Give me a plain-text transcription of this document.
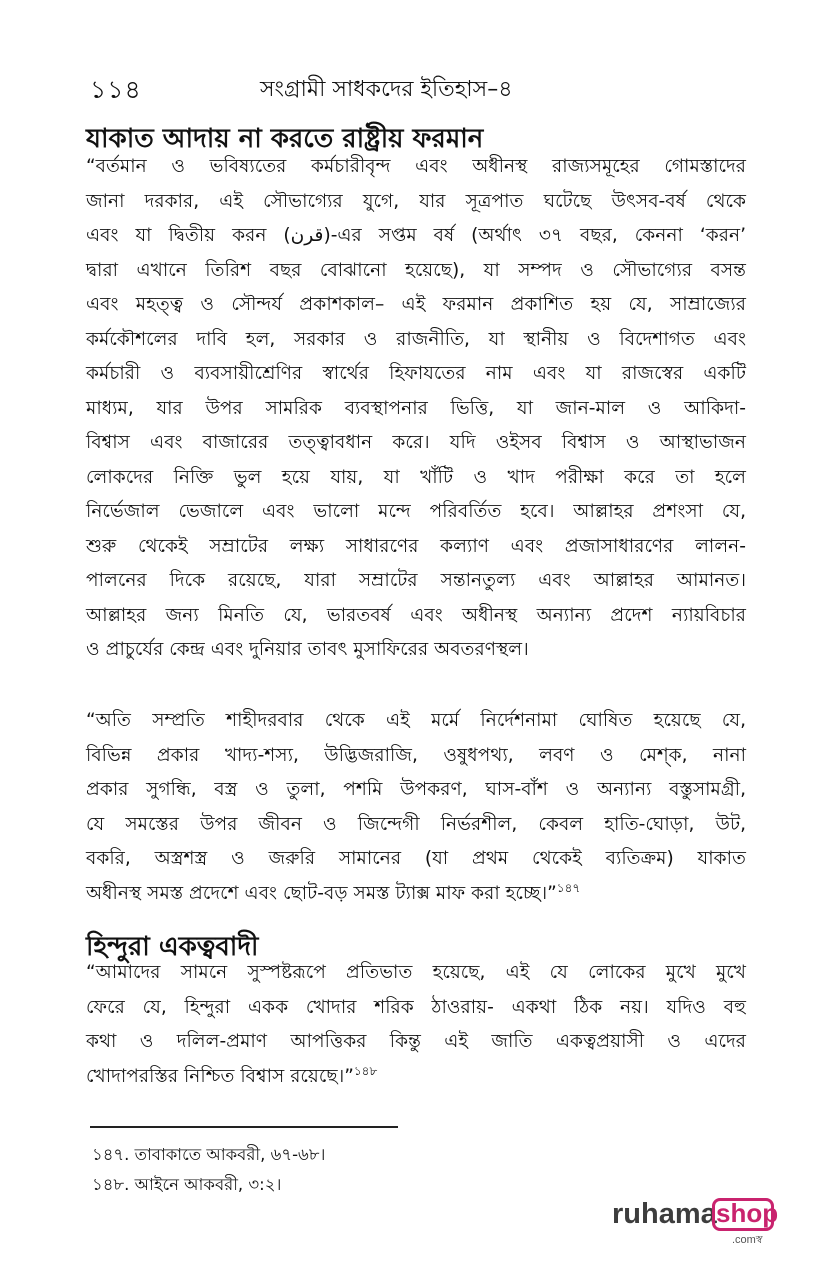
১১৪	সংগ্রামী সাধকদের ইতিহাস–৪
যাকাত আদায় না করতে রাষ্ট্রীয় ফরমান
“বর্তমান ও ভবিষ্যতের কর্মচারীবৃন্দ এবং অধীনস্থ রাজ্যসমূহের গোমস্তাদের
জানা দরকার, এই সৌভাগ্যের যুগে, যার সূত্রপাত ঘটেছে উৎসব-বর্ষ থেকে
এবং যা দ্বিতীয় করন (قرن)-এর সপ্তম বর্ষ (অর্থাৎ ৩৭ বছর, কেননা ‘করন’
দ্বারা এখানে তিরিশ বছর বোঝানো হয়েছে), যা সম্পদ ও সৌভাগ্যের বসন্ত
এবং মহত্ত্ব ও সৌন্দর্য প্রকাশকাল– এই ফরমান প্রকাশিত হয় যে, সাম্রাজ্যের
কর্মকৌশলের দাবি হল, সরকার ও রাজনীতি, যা স্থানীয় ও বিদেশাগত এবং
কর্মচারী ও ব্যবসায়ীশ্রেণির স্বার্থের হিফাযতের নাম এবং যা রাজস্বের একটি
মাধ্যম, যার উপর সামরিক ব্যবস্থাপনার ভিত্তি, যা জান-মাল ও আকিদা-
বিশ্বাস এবং বাজারের তত্ত্বাবধান করে। যদি ওইসব বিশ্বাস ও আস্থাভাজন
লোকদের নিক্তি ভুল হয়ে যায়, যা খাঁটি ও খাদ পরীক্ষা করে তা হলে
নির্ভেজাল ভেজালে এবং ভালো মন্দে পরিবর্তিত হবে। আল্লাহর প্রশংসা যে,
শুরু থেকেই সম্রাটের লক্ষ্য সাধারণের কল্যাণ এবং প্রজাসাধারণের লালন-
পালনের দিকে রয়েছে, যারা সম্রাটের সন্তানতুল্য এবং আল্লাহর আমানত।
আল্লাহর জন্য মিনতি যে, ভারতবর্ষ এবং অধীনস্থ অন্যান্য প্রদেশ ন্যায়বিচার
ও প্রাচুর্যের কেন্দ্র এবং দুনিয়ার তাবৎ মুসাফিরের অবতরণস্থল।
“অতি সম্প্রতি শাহীদরবার থেকে এই মর্মে নির্দেশনামা ঘোষিত হয়েছে যে,
বিভিন্ন প্রকার খাদ্য-শস্য, উদ্ভিজরাজি, ওষুধপথ্য, লবণ ও মেশ্ক, নানা
প্রকার সুগন্ধি, বস্ত্র ও তুলা, পশমি উপকরণ, ঘাস-বাঁশ ও অন্যান্য বস্তুসামগ্রী,
যে সমস্তের উপর জীবন ও জিন্দেগী নির্ভরশীল, কেবল হাতি-ঘোড়া, উট,
বকরি, অস্ত্রশস্ত্র ও জরুরি সামানের (যা প্রথম থেকেই ব্যতিক্রম) যাকাত
অধীনস্থ সমস্ত প্রদেশে এবং ছোট-বড় সমস্ত ট্যাক্স মাফ করা হচ্ছে।”$^{১৪৭}$
হিন্দুরা একত্ববাদী
“আমাদের সামনে সুস্পষ্টরূপে প্রতিভাত হয়েছে, এই যে লোকের মুখে মুখে
ফেরে যে, হিন্দুরা একক খোদার শরিক ঠাওরায়- একথা ঠিক নয়। যদিও বহু
কথা ও দলিল-প্রমাণ আপত্তিকর কিন্তু এই জাতি একত্বপ্রয়াসী ও এদের
খোদাপরস্তির নিশ্চিত বিশ্বাস রয়েছে।”$^{১৪৮}$
১৪৭. তাবাকাতে আকবরী, ৬৭-৬৮।
১৪৮. আইনে আকবরী, ৩:২।
ruhama shop
.comস্ব
